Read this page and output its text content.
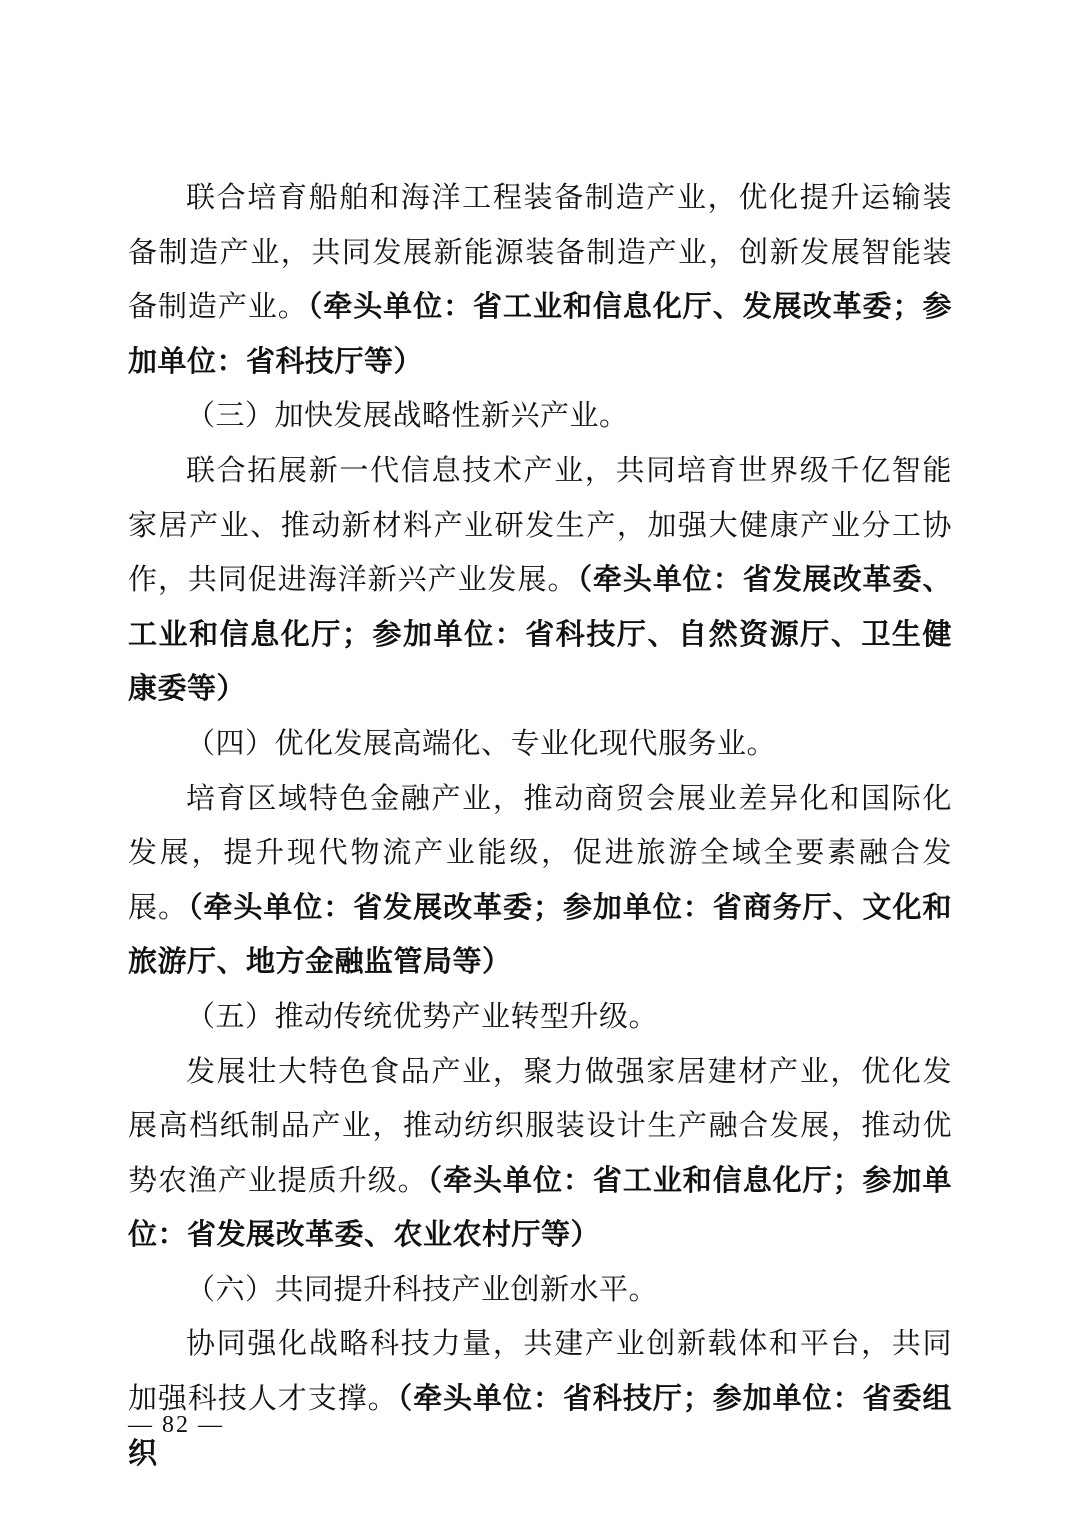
联合培育船舶和海洋工程装备制造产业，优化提升运输装备制造产业，共同发展新能源装备制造产业，创新发展智能装备制造产业。（牵头单位：省工业和信息化厅、发展改革委；参加单位：省科技厅等）

（三）加快发展战略性新兴产业。

联合拓展新一代信息技术产业，共同培育世界级千亿智能家居产业、推动新材料产业研发生产，加强大健康产业分工协作，共同促进海洋新兴产业发展。（牵头单位：省发展改革委、工业和信息化厅；参加单位：省科技厅、自然资源厅、卫生健康委等）

（四）优化发展高端化、专业化现代服务业。

培育区域特色金融产业，推动商贸会展业差异化和国际化发展，提升现代物流产业能级，促进旅游全域全要素融合发展。（牵头单位：省发展改革委；参加单位：省商务厅、文化和旅游厅、地方金融监管局等）

（五）推动传统优势产业转型升级。

发展壮大特色食品产业，聚力做强家居建材产业，优化发展高档纸制品产业，推动纺织服装设计生产融合发展，推动优势农渔产业提质升级。（牵头单位：省工业和信息化厅；参加单位：省发展改革委、农业农村厅等）

（六）共同提升科技产业创新水平。

协同强化战略科技力量，共建产业创新载体和平台，共同加强科技人才支撑。（牵头单位：省科技厅；参加单位：省委组织

— 82 —
